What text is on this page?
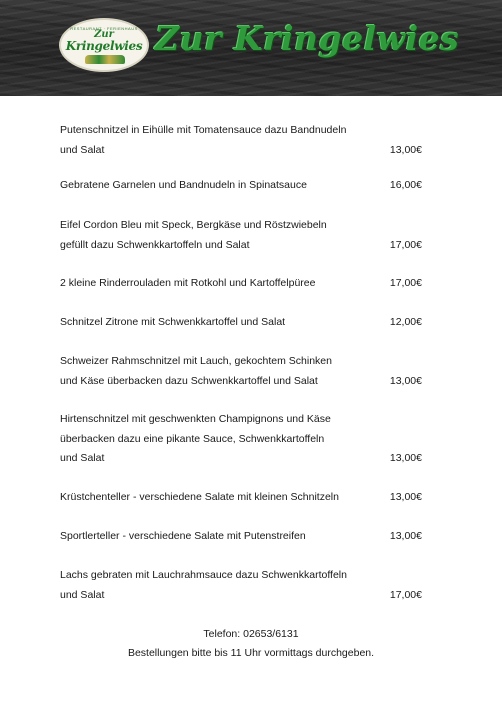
RESTAURANT · FERIENHAUS
Zur
Kringelwies Zur Kringelwies
Putenschnitzel in Eihülle mit Tomatensauce dazu Bandnudeln
und Salat	13,00€
Gebratene Garnelen und Bandnudeln in Spinatsauce	16,00€
Eifel Cordon Bleu mit Speck, Bergkäse und Röstzwiebeln
gefüllt dazu Schwenkkartoffeln und Salat	17,00€
2 kleine Rinderrouladen mit Rotkohl und Kartoffelpüree	17,00€
Schnitzel Zitrone mit Schwenkkartoffel und Salat	12,00€
Schweizer Rahmschnitzel mit Lauch, gekochtem Schinken
und Käse überbacken dazu Schwenkkartoffel und Salat	13,00€
Hirtenschnitzel mit geschwenkten Champignons und Käse
überbacken dazu eine pikante Sauce, Schwenkkartoffeln
und Salat	13,00€
Krüstchenteller - verschiedene Salate mit kleinen Schnitzeln	13,00€
Sportlerteller - verschiedene Salate mit Putenstreifen	13,00€
Lachs gebraten mit Lauchrahmsauce dazu Schwenkkartoffeln
und Salat	17,00€
Telefon: 02653/6131
Bestellungen bitte bis 11 Uhr vormittags durchgeben.
